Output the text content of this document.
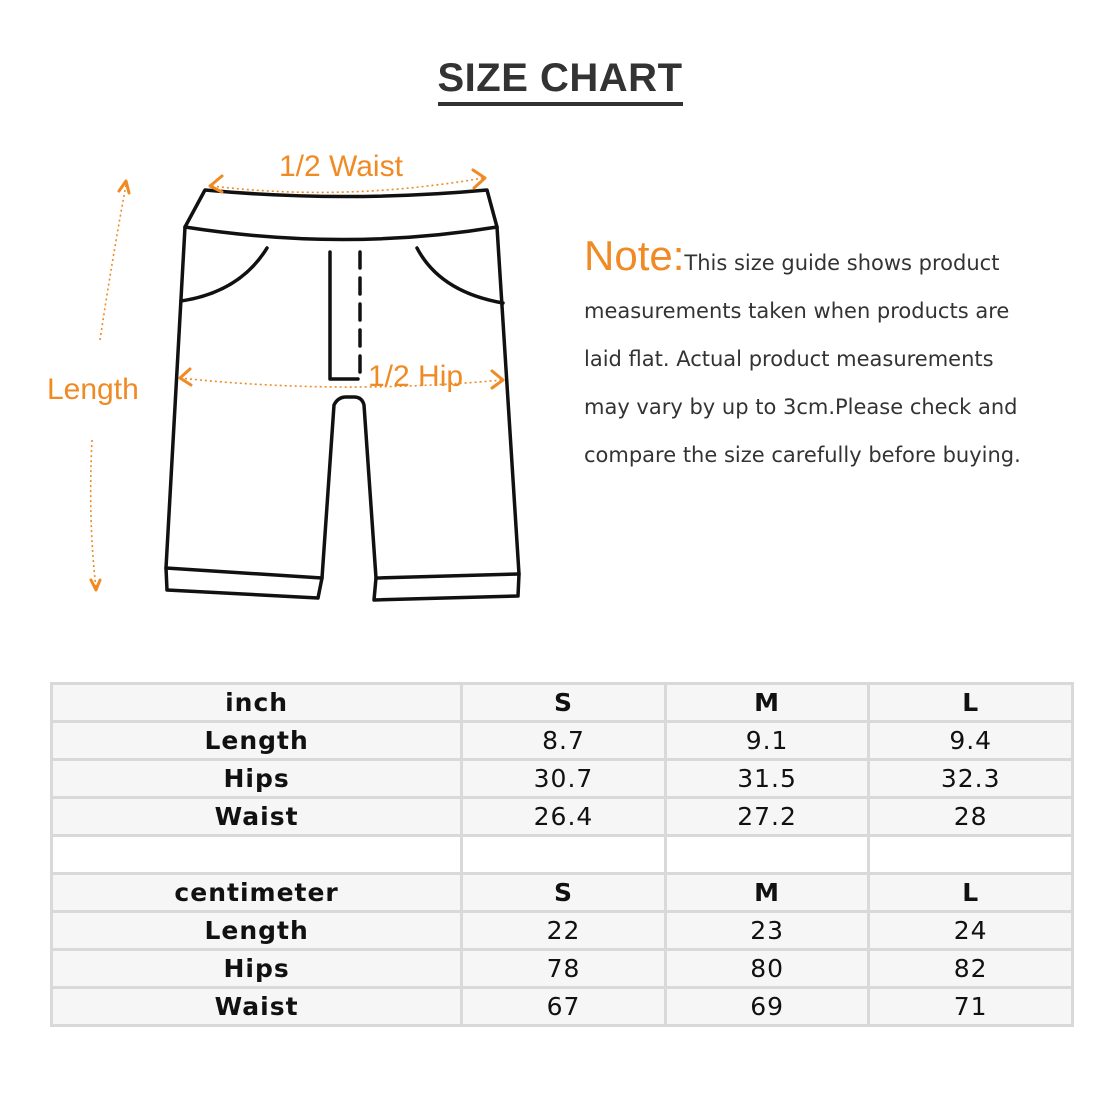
SIZE CHART
1/2 Waist
1/2 Hip
Length
Note:This size guide shows product
measurements taken when products are
laid flat. Actual product measurements
may vary by up to 3cm.Please check and
compare the size carefully before buying.
inch	S	M	L
Length	8.7	9.1	9.4
Hips	30.7	31.5	32.3
Waist	26.4	27.2	28

centimeter	S	M	L
Length	22	23	24
Hips	78	80	82
Waist	67	69	71
